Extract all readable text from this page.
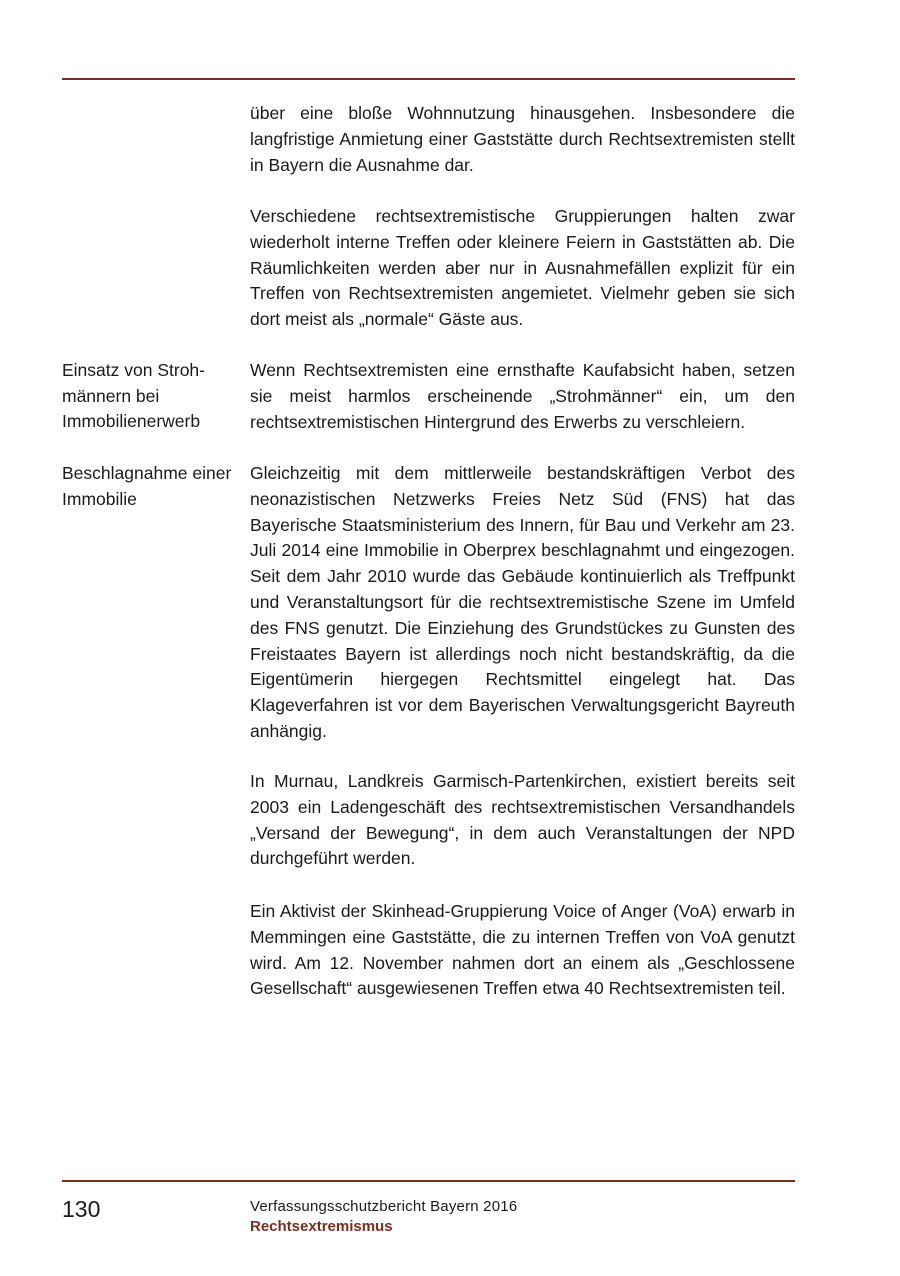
über eine bloße Wohnnutzung hinausgehen. Insbesondere die langfristige Anmietung einer Gaststätte durch Rechtsextremisten stellt in Bayern die Ausnahme dar.

Verschiedene rechtsextremistische Gruppierungen halten zwar wiederholt interne Treffen oder kleinere Feiern in Gaststätten ab. Die Räumlichkeiten werden aber nur in Ausnahmefällen explizit für ein Treffen von Rechtsextremisten angemietet. Vielmehr geben sie sich dort meist als „normale“ Gäste aus.

Einsatz von Strohmännern bei Immobilienerwerb

Wenn Rechtsextremisten eine ernsthafte Kaufabsicht haben, setzen sie meist harmlos erscheinende „Strohmänner“ ein, um den rechtsextremistischen Hintergrund des Erwerbs zu verschleiern.

Beschlagnahme einer Immobilie

Gleichzeitig mit dem mittlerweile bestandskräftigen Verbot des neonazistischen Netzwerks Freies Netz Süd (FNS) hat das Bayerische Staatsministerium des Innern, für Bau und Verkehr am 23. Juli 2014 eine Immobilie in Oberprex beschlagnahmt und eingezogen. Seit dem Jahr 2010 wurde das Gebäude kontinuierlich als Treffpunkt und Veranstaltungsort für die rechtsextremistische Szene im Umfeld des FNS genutzt. Die Einziehung des Grundstückes zu Gunsten des Freistaates Bayern ist allerdings noch nicht bestandskräftig, da die Eigentümerin hiergegen Rechtsmittel eingelegt hat. Das Klageverfahren ist vor dem Bayerischen Verwaltungsgericht Bayreuth anhängig.

In Murnau, Landkreis Garmisch-Partenkirchen, existiert bereits seit 2003 ein Ladengeschäft des rechtsextremistischen Versandhandels „Versand der Bewegung“, in dem auch Veranstaltungen der NPD durchgeführt werden.

Ein Aktivist der Skinhead-Gruppierung Voice of Anger (VoA) erwarb in Memmingen eine Gaststätte, die zu internen Treffen von VoA genutzt wird. Am 12. November nahmen dort an einem als „Geschlossene Gesellschaft“ ausgewiesenen Treffen etwa 40 Rechtsextremisten teil.

130	Verfassungsschutzbericht Bayern 2016

Rechtsextremismus
